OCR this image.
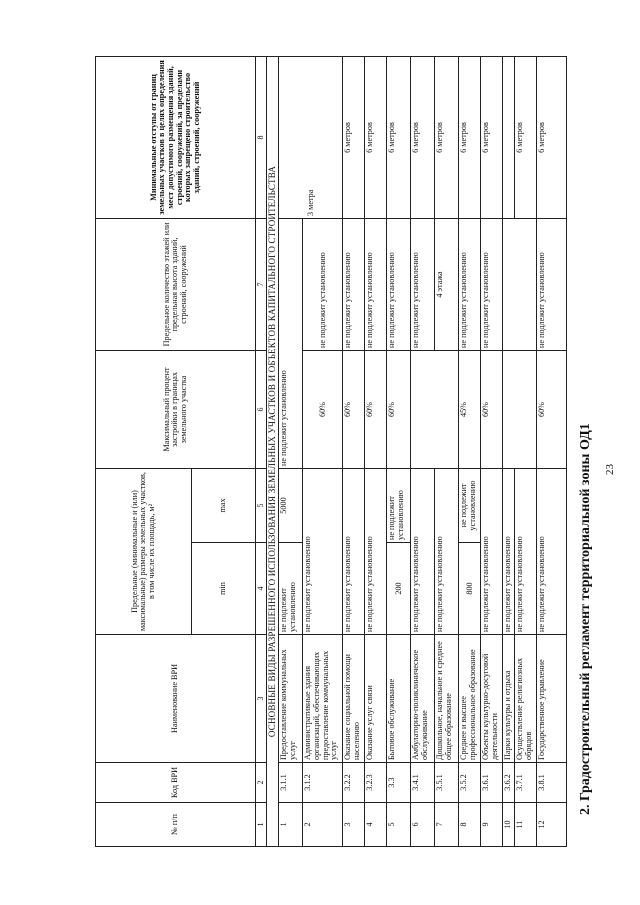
23
2. Градостроительный регламент территориальной зоны ОД1
№ п/п	Код ВРИ	Наименование ВРИ	Предельные (минимальные и (или) максимальные) размеры земельных участков, в том числе их площадь, м²		Максимальный процент застройки в границах земельного участка	Предельное количество этажей или предельная высота зданий, строений, сооружений	Минимальные отступы от границ земельных участков в целях определения мест допустимого размещения зданий, строений, сооружений, за пределами которых запрещено строительство зданий, строений, сооружений
			min	max			
1	2	3	4	5	6	7	8
ОСНОВНЫЕ ВИДЫ РАЗРЕШЕННОГО ИСПОЛЬЗОВАНИЯ ЗЕМЕЛЬНЫХ УЧАСТКОВ И ОБЪЕКТОВ КАПИТАЛЬНОГО СТРОИТЕЛЬСТВА							
1	3.1.1	Предоставление коммунальных услуг	не подлежит установлению	5000	не подлежит установлению		3 метра
2	3.1.2	Административные здания организаций, обеспечивающих предоставление коммунальных услуг	не подлежит установлению		60%	не подлежит установлению	
3	3.2.2	Оказание социальной помощи населению	не подлежит установлению		60%	не подлежит установлению	6 метров
4	3.2.3	Оказание услуг связи	не подлежит установлению		60%	не подлежит установлению	6 метров
5	3.3	Бытовое обслуживание	200	не подлежит установлению	60%	не подлежит установлению	6 метров
6	3.4.1	Амбулаторно-поликлиническое обслуживание	не подлежит установлению			не подлежит установлению	6 метров
7	3.5.1	Дошкольное, начальное и среднее общее образование	не подлежит установлению			4 этажа	6 метров
8	3.5.2	Среднее и высшее профессиональное образование	800	не подлежит установлению	45%	не подлежит установлению	6 метров
9	3.6.1	Объекты культурно-досуговой деятельности	не подлежит установлению		60%	не подлежит установлению	6 метров
10	3.6.2	Парки культуры и отдыха	не подлежит установлению				
11	3.7.1	Осуществление религиозных обрядов	не подлежит установлению				6 метров
12	3.8.1	Государственное управление	не подлежит установлению		60%	не подлежит установлению	6 метров
